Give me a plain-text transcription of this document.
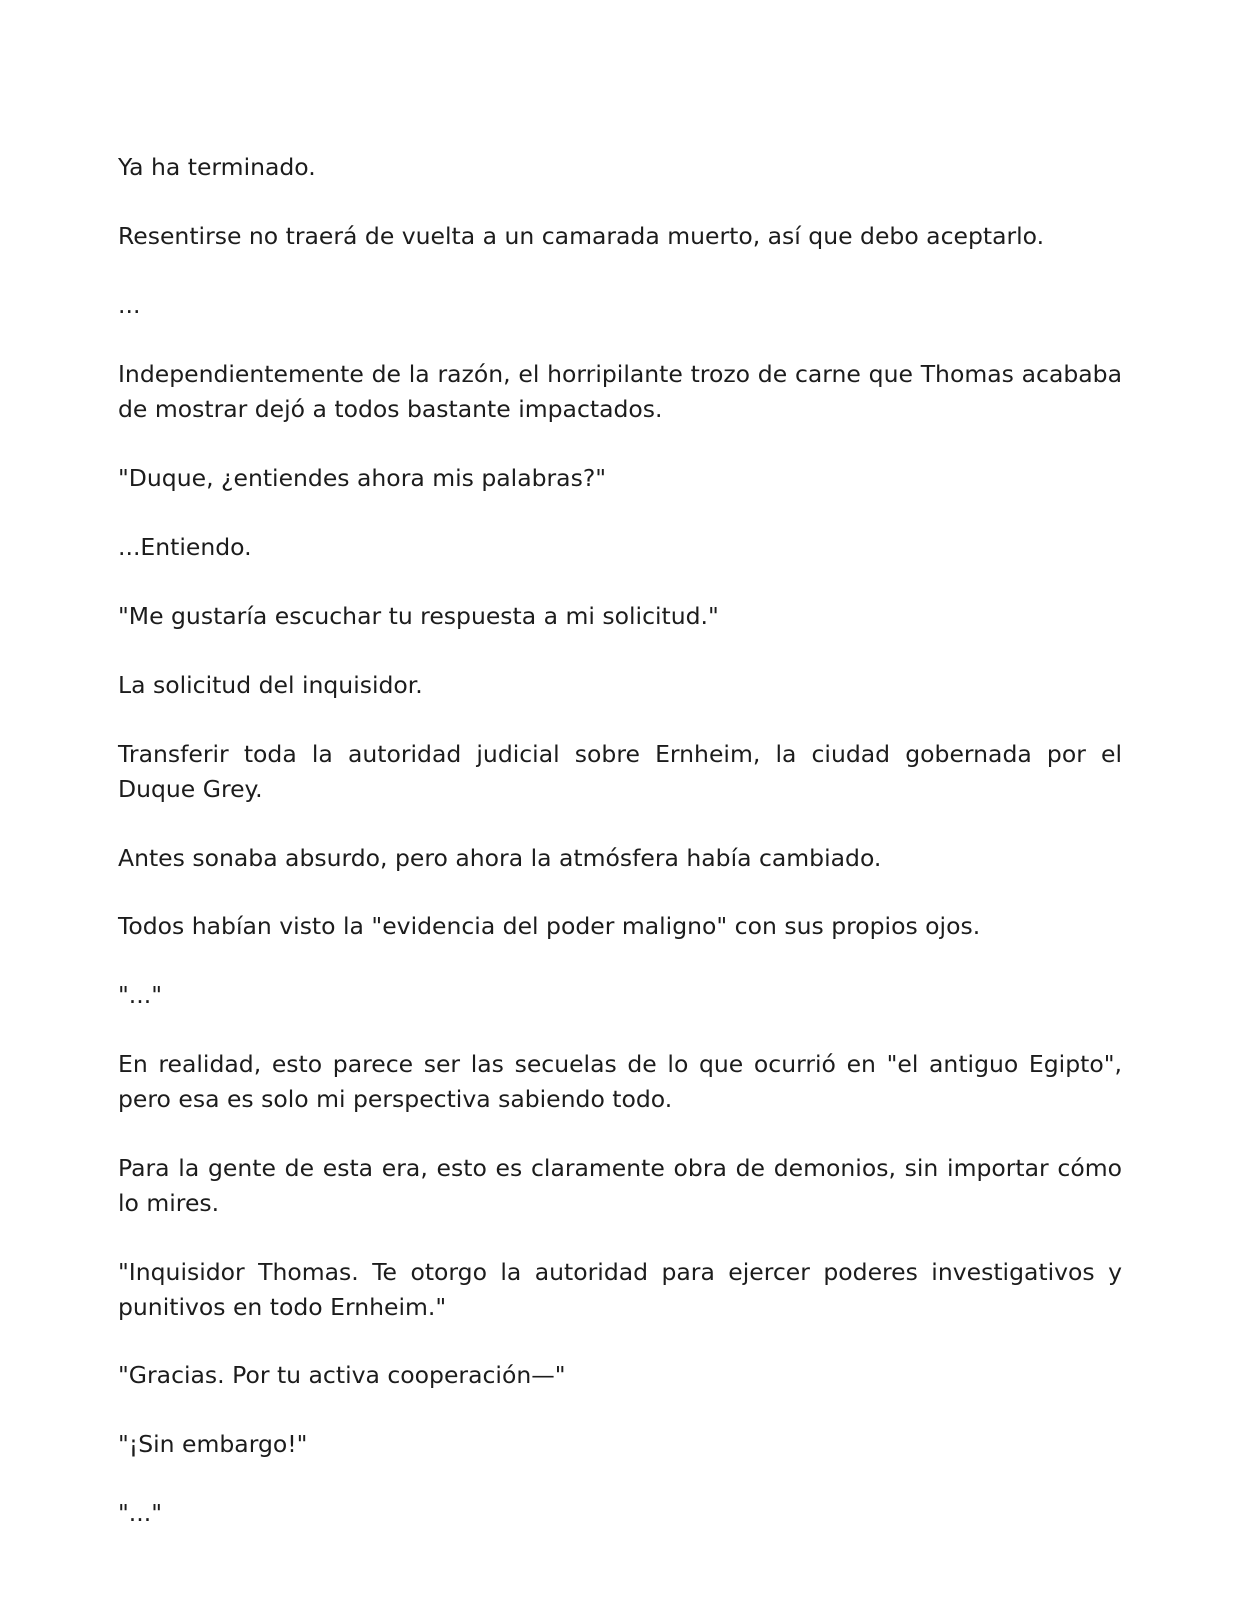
Ya ha terminado.

Resentirse no traerá de vuelta a un camarada muerto, así que debo aceptarlo.

...

Independientemente de la razón, el horripilante trozo de carne que Thomas acababa de mostrar dejó a todos bastante impactados.

"Duque, ¿entiendes ahora mis palabras?"

...Entiendo.

"Me gustaría escuchar tu respuesta a mi solicitud."

La solicitud del inquisidor.

Transferir toda la autoridad judicial sobre Ernheim, la ciudad gobernada por el Duque Grey.

Antes sonaba absurdo, pero ahora la atmósfera había cambiado.

Todos habían visto la "evidencia del poder maligno" con sus propios ojos.

"..."

En realidad, esto parece ser las secuelas de lo que ocurrió en "el antiguo Egipto", pero esa es solo mi perspectiva sabiendo todo.

Para la gente de esta era, esto es claramente obra de demonios, sin importar cómo lo mires.

"Inquisidor Thomas. Te otorgo la autoridad para ejercer poderes investigativos y punitivos en todo Ernheim."

"Gracias. Por tu activa cooperación—"

"¡Sin embargo!"

"..."
